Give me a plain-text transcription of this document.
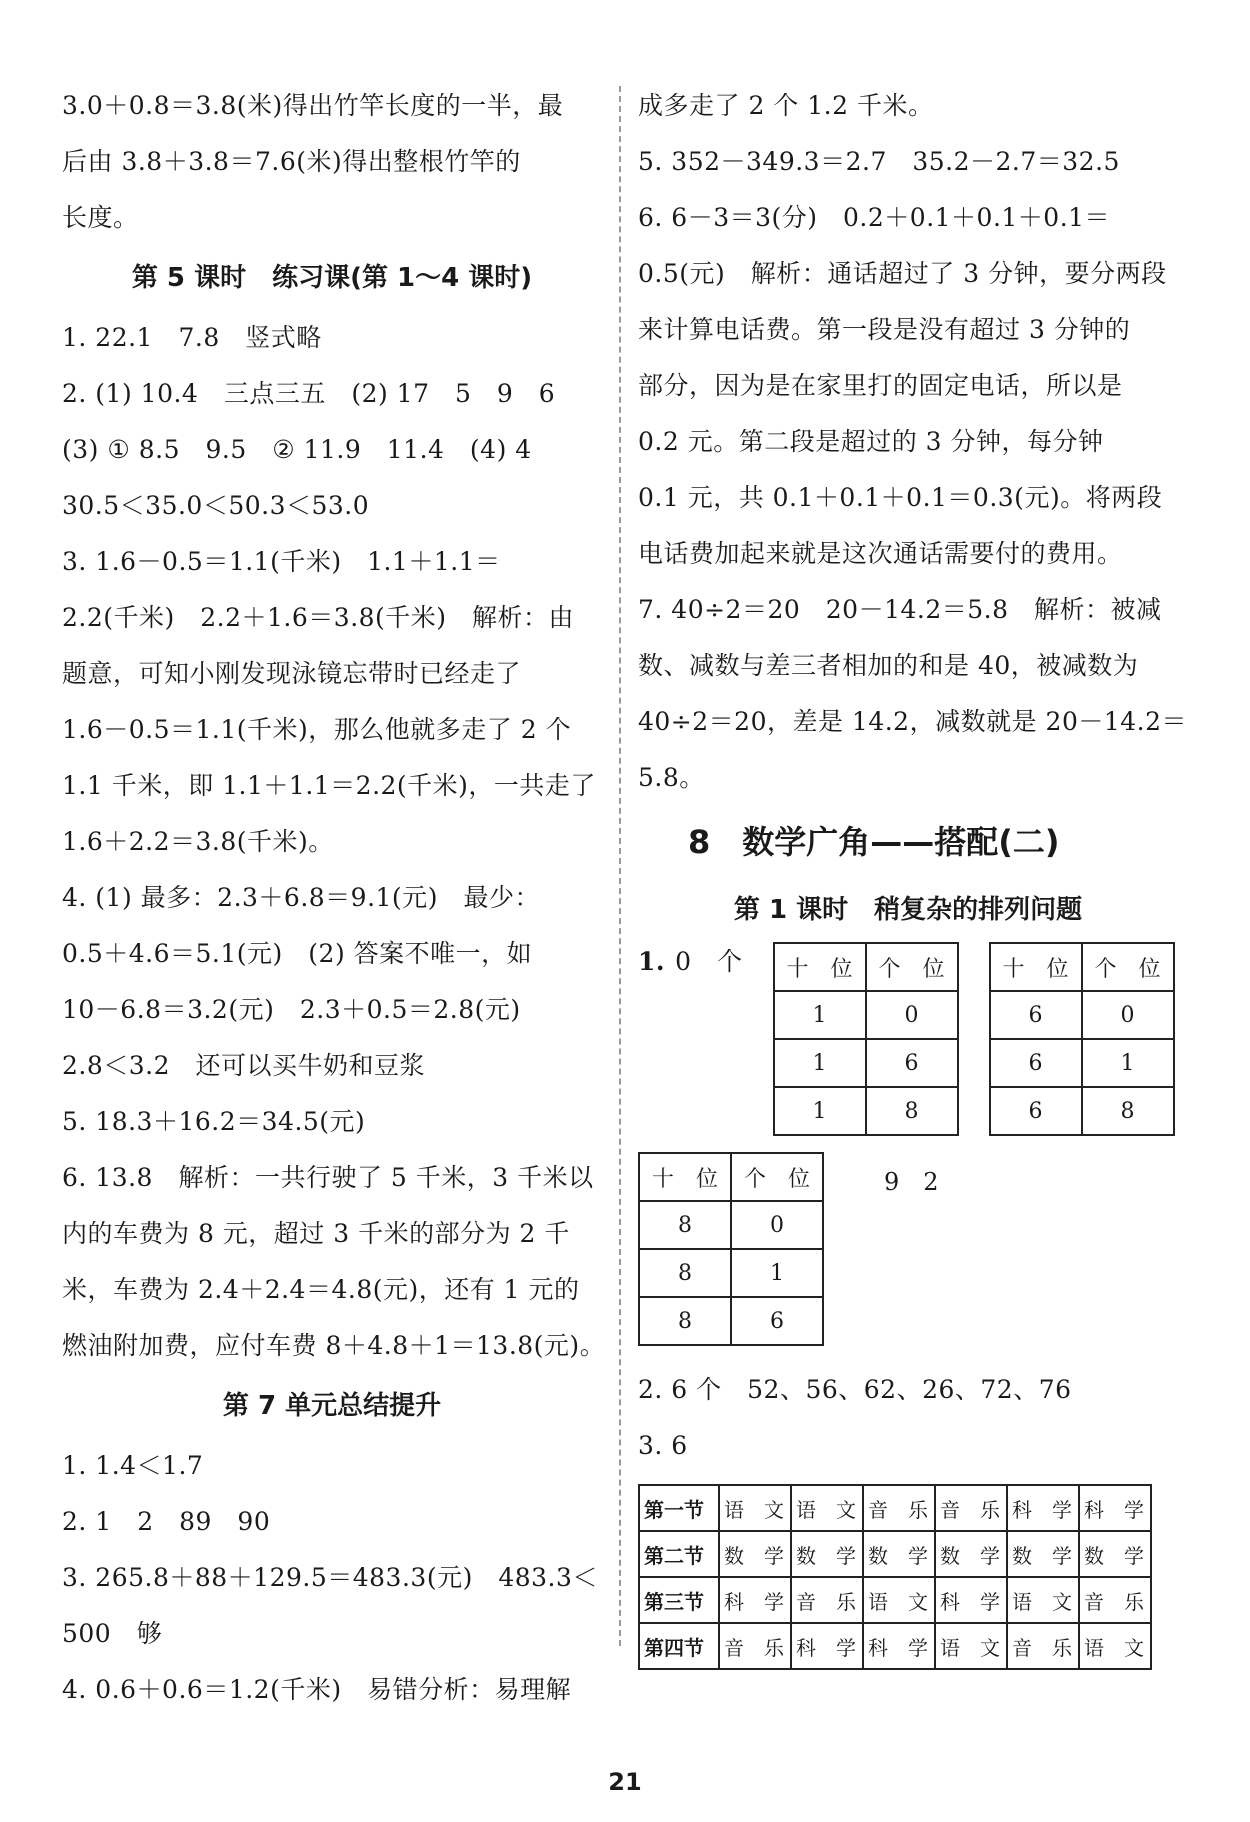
3.0＋0.8＝3.8(米)得出竹竿长度的一半，最
后由 3.8＋3.8＝7.6(米)得出整根竹竿的
长度。
第 5 课时　练习课(第 1～4 课时)
1. 22.1　7.8　竖式略
2. (1) 10.4　三点三五　(2) 17　5　9　6
(3) ① 8.5　9.5　② 11.9　11.4　(4) 4
30.5＜35.0＜50.3＜53.0
3. 1.6－0.5＝1.1(千米)　1.1＋1.1＝
2.2(千米)　2.2＋1.6＝3.8(千米)　解析：由
题意，可知小刚发现泳镜忘带时已经走了
1.6－0.5＝1.1(千米)，那么他就多走了 2 个
1.1 千米，即 1.1＋1.1＝2.2(千米)，一共走了
1.6＋2.2＝3.8(千米)。
4. (1) 最多：2.3＋6.8＝9.1(元)　最少：
0.5＋4.6＝5.1(元)　(2) 答案不唯一，如
10－6.8＝3.2(元)　2.3＋0.5＝2.8(元)
2.8＜3.2　还可以买牛奶和豆浆
5. 18.3＋16.2＝34.5(元)
6. 13.8　解析：一共行驶了 5 千米，3 千米以
内的车费为 8 元，超过 3 千米的部分为 2 千
米，车费为 2.4＋2.4＝4.8(元)，还有 1 元的
燃油附加费，应付车费 8＋4.8＋1＝13.8(元)。
第 7 单元总结提升
1. 1.4＜1.7
2. 1　2　89　90
3. 265.8＋88＋129.5＝483.3(元)　483.3＜
500　够
4. 0.6＋0.6＝1.2(千米)　易错分析：易理解
成多走了 2 个 1.2 千米。
5. 352－349.3＝2.7　35.2－2.7＝32.5
6. 6－3＝3(分)　0.2＋0.1＋0.1＋0.1＝
0.5(元)　解析：通话超过了 3 分钟，要分两段
来计算电话费。第一段是没有超过 3 分钟的
部分，因为是在家里打的固定电话，所以是
0.2 元。第二段是超过的 3 分钟，每分钟
0.1 元，共 0.1＋0.1＋0.1＝0.3(元)。将两段
电话费加起来就是这次通话需要付的费用。
7. 40÷2＝20　20－14.2＝5.8　解析：被减
数、减数与差三者相加的和是 40，被减数为
40÷2＝20，差是 14.2，减数就是 20－14.2＝
5.8。
8　数学广角——搭配(二)
第 1 课时　稍复杂的排列问题
1. 0　个 十　位	个　位
1	0
1	6
1	8
十　位	个　位
6	0
6	1
6	8
十　位	个　位
8	0
8	1
8	6
9　2
2. 6 个　52、56、62、26、72、76
3. 6
第一节	语　文	语　文	音　乐	音　乐	科　学	科　学
第二节	数　学	数　学	数　学	数　学	数　学	数　学
第三节	科　学	音　乐	语　文	科　学	语　文	音　乐
第四节	音　乐	科　学	科　学	语　文	音　乐	语　文
21
